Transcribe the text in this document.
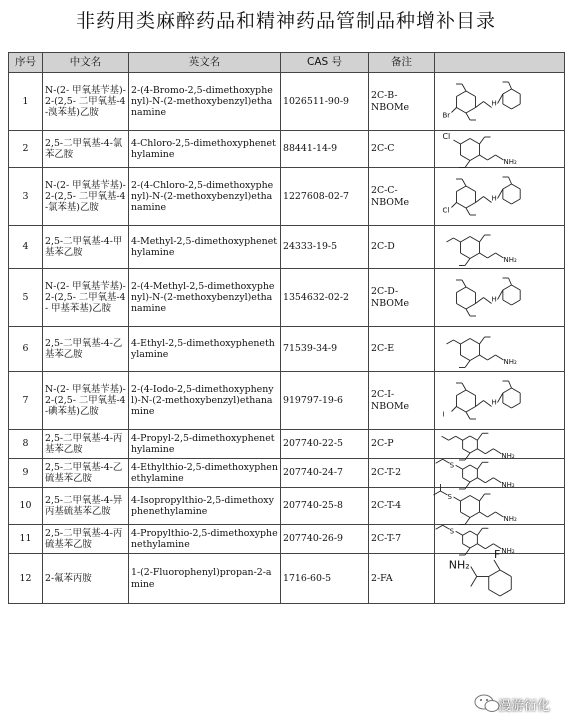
非药用类麻醉药品和精神药品管制品种增补目录
序号	中文名	英文名	CAS 号	备注	
1	N-(2- 甲氧基苄基)-2-(2,5- 二甲氧基-4-溴苯基)乙胺	2-(4-Bromo-2,5-dimethoxyphenyl)-N-(2-methoxybenzyl)ethanamine	1026511-90-9	2C-B-NBOMe	H
Br

2	2,5-二甲氧基-4-氯苯乙胺	4-Chloro-2,5-dimethoxyphenethylamine	88441-14-9	2C-C	NH₂
Cl

3	N-(2- 甲氧基苄基)-2-(2,5- 二甲氧基-4-氯苯基)乙胺	2-(4-Chloro-2,5-dimethoxyphenyl)-N-(2-methoxybenzyl)ethanamine	1227608-02-7	2C-C-NBOMe	H
Cl

4	2,5-二甲氧基-4-甲基苯乙胺	4-Methyl-2,5-dimethoxyphenethylamine	24333-19-5	2C-D	NH₂

5	N-(2- 甲氧基苄基)-2-(2,5- 二甲氧基-4- 甲基苯基)乙胺	2-(4-Methyl-2,5-dimethoxyphenyl)-N-(2-methoxybenzyl)ethanamine	1354632-02-2	2C-D-NBOMe	H

6	2,5-二甲氧基-4-乙基苯乙胺	4-Ethyl-2,5-dimethoxyphenethylamine	71539-34-9	2C-E	NH₂

7	N-(2- 甲氧基苄基)-2-(2,5- 二甲氧基-4-碘苯基)乙胺	2-(4-Iodo-2,5-dimethoxyphenyl)-N-(2-methoxybenzyl)ethanamine	919797-19-6	2C-I-NBOMe	H
I

8	2,5-二甲氧基-4-丙基苯乙胺	4-Propyl-2,5-dimethoxyphenethylamine	207740-22-5	2C-P	NH₂

9	2,5-二甲氧基-4-乙硫基苯乙胺	4-Ethylthio-2,5-dimethoxyphenethylamine	207740-24-7	2C-T-2	NH₂
S

10	2,5-二甲氧基-4-异丙基硫基苯乙胺	4-Isopropylthio-2,5-dimethoxyphenethylamine	207740-25-8	2C-T-4	NH₂
S

11	2,5-二甲氧基-4-丙硫基苯乙胺	4-Propylthio-2,5-dimethoxyphenethylamine	207740-26-9	2C-T-7	NH₂
S

12	2-氟苯丙胺	1-(2-Fluorophenyl)propan-2-amine	1716-60-5	2-FA	F
NH₂
漫游衍化
